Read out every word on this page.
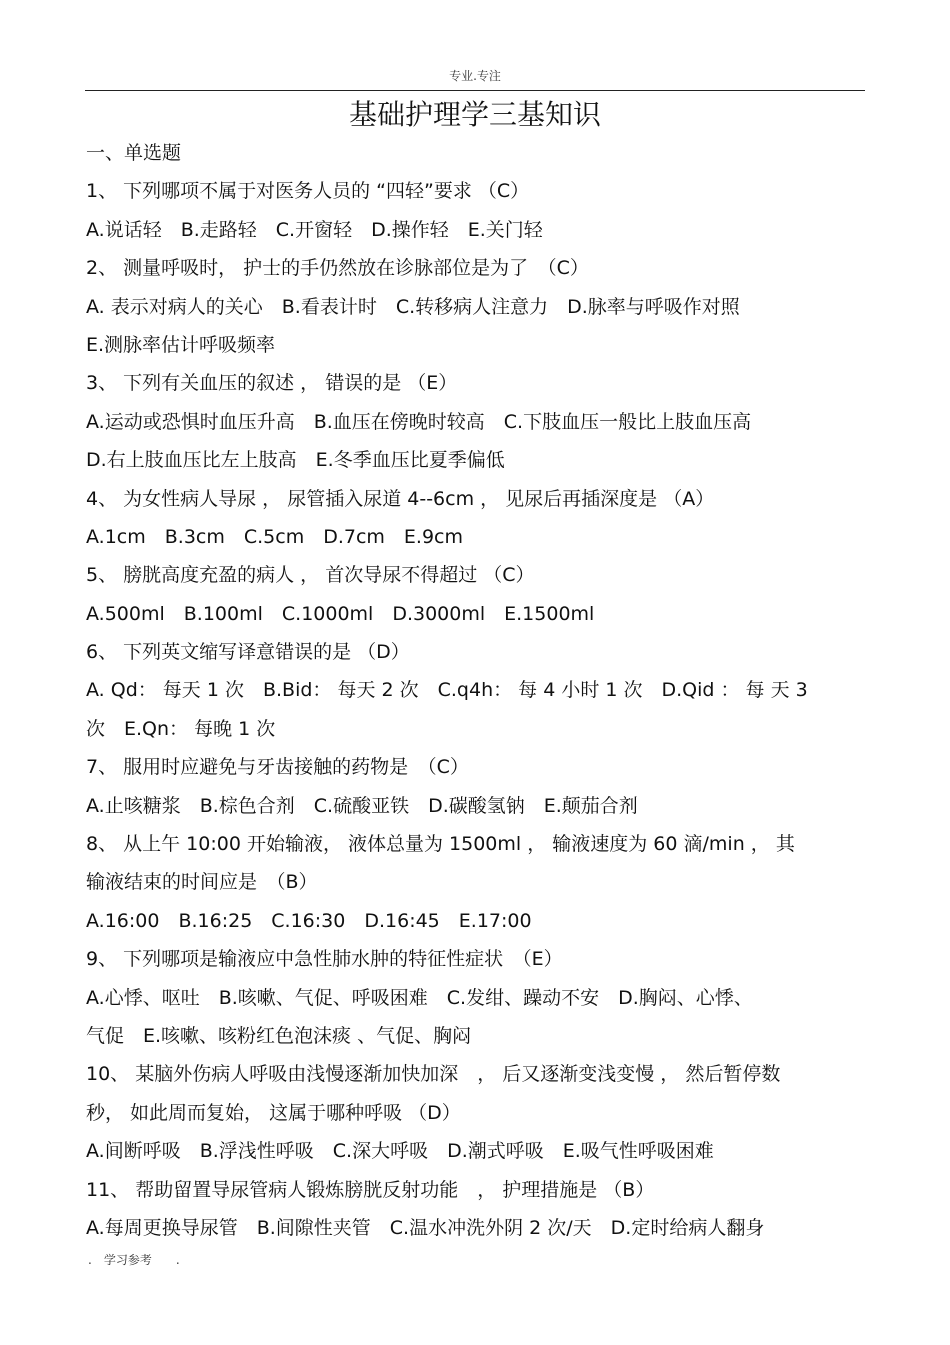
专业.专注
基础护理学三基知识
一、单选题
1、 下列哪项不属于对医务人员的 “四轻”要求 （C）
A.说话轻　B.走路轻　C.开窗轻　D.操作轻　E.关门轻
2、 测量呼吸时， 护士的手仍然放在诊脉部位是为了　（C）
A. 表示对病人的关心　B.看表计时　C.转移病人注意力　D.脉率与呼吸作对照
E.测脉率估计呼吸频率
3、 下列有关血压的叙述 ， 错误的是 （E）
A.运动或恐惧时血压升高　B.血压在傍晚时较高　C.下肢血压一般比上肢血压高
D.右上肢血压比左上肢高　E.冬季血压比夏季偏低
4、 为女性病人导尿 ， 尿管插入尿道 4--6cm ， 见尿后再插深度是 （A）
A.1cm　B.3cm　C.5cm　D.7cm　E.9cm
5、 膀胱高度充盈的病人 ， 首次导尿不得超过 （C）
A.500ml　B.100ml　C.1000ml　D.3000ml　E.1500ml
6、 下列英文缩写译意错误的是 （D）
A. Qd： 每天 1 次　B.Bid： 每天 2 次　C.q4h： 每 4 小时 1 次　D.Qid ： 每 天 3
次　E.Qn： 每晚 1 次
7、 服用时应避免与牙齿接触的药物是　（C）
A.止咳糖浆　B.棕色合剂　C.硫酸亚铁　D.碳酸氢钠　E.颠茄合剂
8、 从上午 10:00 开始输液， 液体总量为 1500ml ， 输液速度为 60 滴/min ， 其
输液结束的时间应是　（B）
A.16:00　B.16:25　C.16:30　D.16:45　E.17:00
9、 下列哪项是输液应中急性肺水肿的特征性症状　（E）
A.心悸、呕吐　B.咳嗽、气促、呼吸困难　C.发绀、躁动不安　D.胸闷、心悸、
气促　E.咳嗽、咳粉红色泡沫痰 、气促、胸闷
10、 某脑外伤病人呼吸由浅慢逐渐加快加深　， 后又逐渐变浅变慢 ， 然后暂停数
秒， 如此周而复始， 这属于哪种呼吸 （D）
A.间断呼吸　B.浮浅性呼吸　C.深大呼吸　D.潮式呼吸　E.吸气性呼吸困难
11、 帮助留置导尿管病人锻炼膀胱反射功能　， 护理措施是 （B）
A.每周更换导尿管　B.间隙性夹管　C.温水冲洗外阴 2 次/天　D.定时给病人翻身
.　学习参考　　.
